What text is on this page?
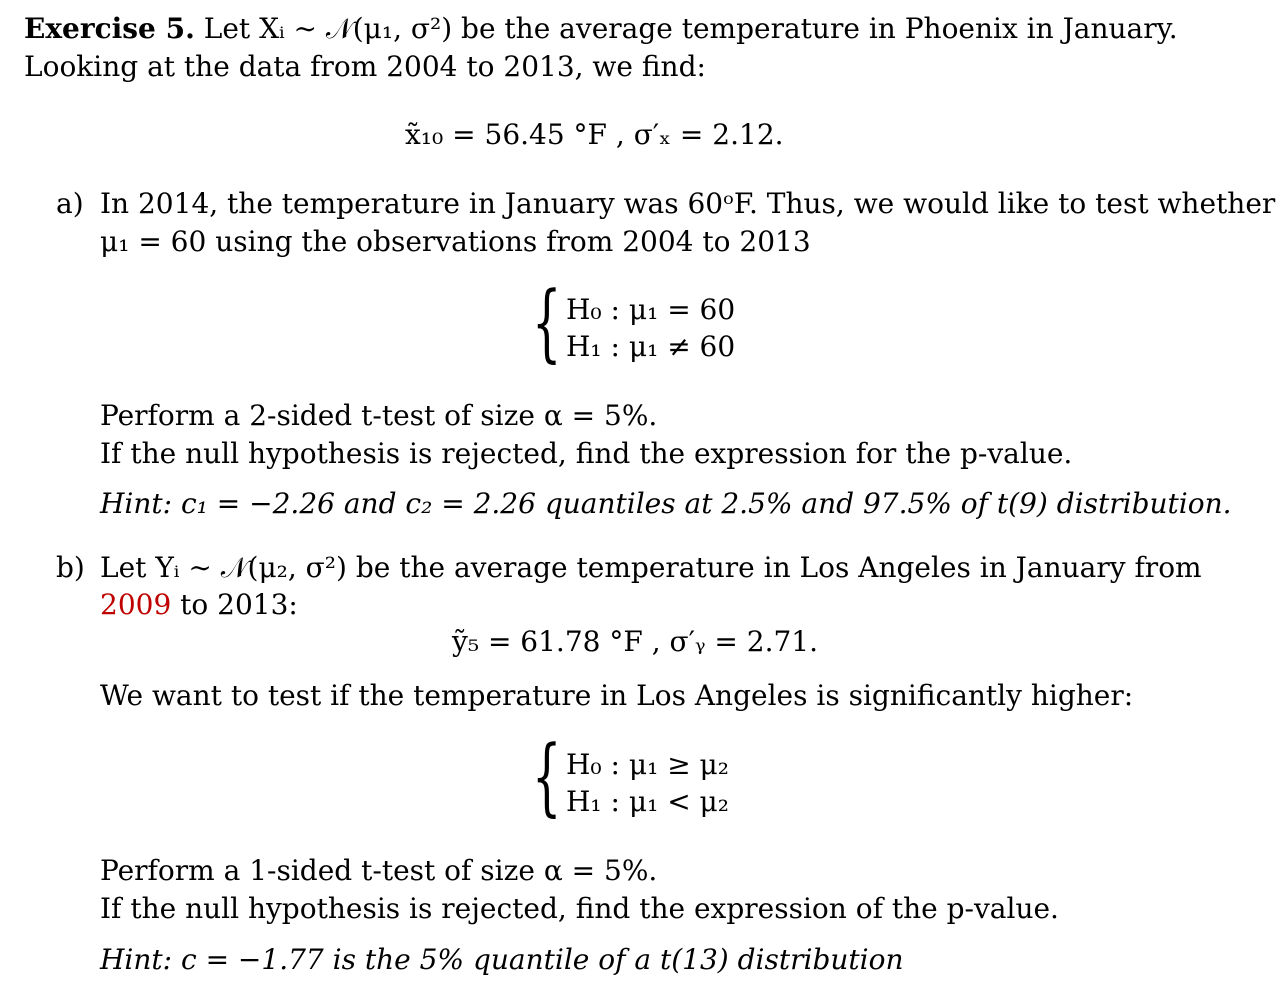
Exercise 5. Let Xᵢ ∼ 𝒩(μ₁, σ²) be the average temperature in Phoenix in January.
Looking at the data from 2004 to 2013, we find:
x̃₁₀ = 56.45 °F , σ′ₓ = 2.12.
a) In 2014, the temperature in January was 60ᵒF. Thus, we would like to test whether
μ₁ = 60 using the observations from 2004 to 2013
{ H₀ : μ₁ = 60
H₁ : μ₁ ≠ 60
Perform a 2-sided t-test of size α = 5%.
If the null hypothesis is rejected, find the expression for the p-value.
Hint: c₁ = −2.26 and c₂ = 2.26 quantiles at 2.5% and 97.5% of t(9) distribution.
b) Let Yᵢ ∼ 𝒩(μ₂, σ²) be the average temperature in Los Angeles in January from
2009 to 2013:
ỹ₅ = 61.78 °F , σ′ᵧ = 2.71.
We want to test if the temperature in Los Angeles is significantly higher:
{ H₀ : μ₁ ≥ μ₂
H₁ : μ₁ < μ₂
Perform a 1-sided t-test of size α = 5%.
If the null hypothesis is rejected, find the expression of the p-value.
Hint: c = −1.77 is the 5% quantile of a t(13) distribution
